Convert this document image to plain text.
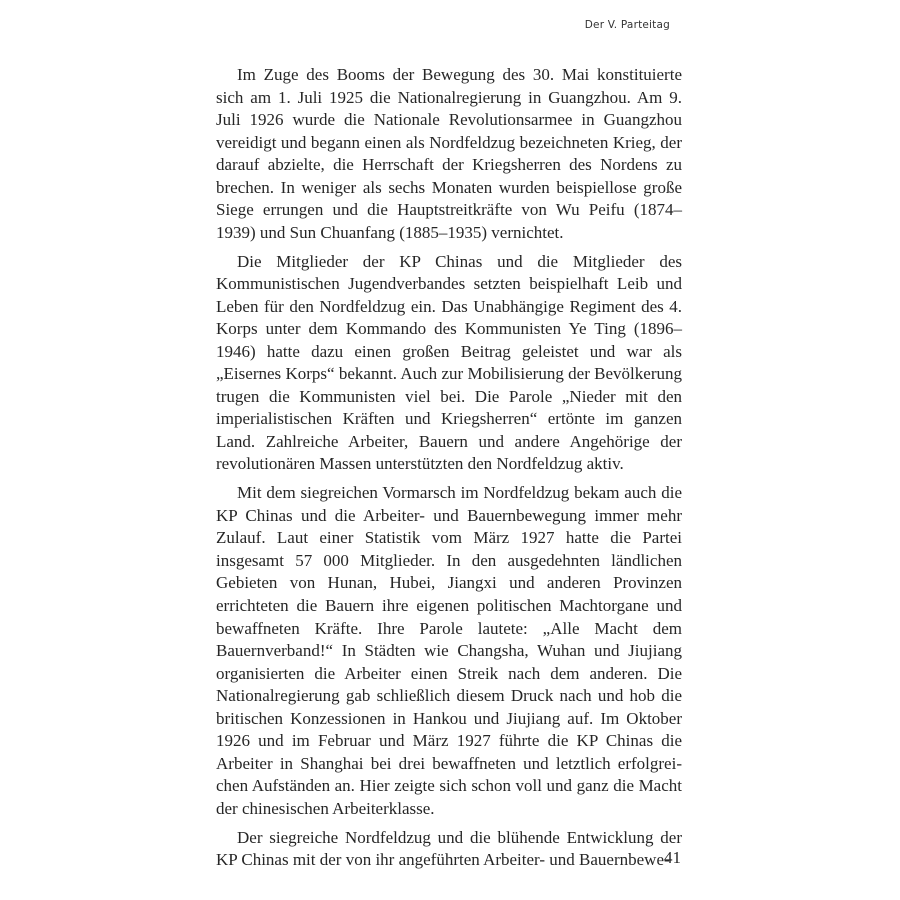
Der V. Parteitag

Im Zuge des Booms der Bewegung des 30. Mai konstituierte sich am 1. Juli 1925 die Nationalregierung in Guangzhou. Am 9. Juli 1926 wurde die Nationale Revolutionsarmee in Guangzhou vereidigt und begann einen als Nordfeldzug bezeichneten Krieg, der darauf abzielte, die Herrschaft der Kriegsherren des Nordens zu brechen. In weniger als sechs Monaten wurden beispiellose große Siege errungen und die Hauptstreitkräfte von Wu Peifu (1874–1939) und Sun Chuanfang (1885–1935) vernichtet.

Die Mitglieder der KP Chinas und die Mitglieder des Kommunistischen Jugendverbandes setzten beispielhaft Leib und Leben für den Nordfeldzug ein. Das Unabhängige Regiment des 4. Korps unter dem Kommando des Kommunisten Ye Ting (1896–1946) hatte dazu einen großen Beitrag geleistet und war als „Eisernes Korps“ bekannt. Auch zur Mobilisierung der Bevölkerung trugen die Kommunisten viel bei. Die Parole „Nieder mit den imperialistischen Kräften und Kriegsherren“ ertönte im ganzen Land. Zahlreiche Arbeiter, Bauern und andere Angehörige der revolutionären Massen unterstützten den Nordfeldzug aktiv.

Mit dem siegreichen Vormarsch im Nordfeldzug bekam auch die KP Chinas und die Arbeiter- und Bauernbewegung immer mehr Zulauf. Laut einer Statistik vom März 1927 hatte die Partei insgesamt 57 000 Mitglieder. In den ausgedehnten ländlichen Gebieten von Hunan, Hubei, Jiangxi und anderen Provinzen errichteten die Bauern ihre eigenen politischen Machtorgane und bewaffneten Kräfte. Ihre Parole lautete: „Alle Macht dem Bauernverband!“ In Städten wie Changsha, Wuhan und Jiujiang organisierten die Arbeiter einen Streik nach dem anderen. Die Nationalregierung gab schließlich diesem Druck nach und hob die britischen Konzessionen in Hankou und Jiujiang auf. Im Oktober 1926 und im Februar und März 1927 führte die KP Chinas die Arbeiter in Shanghai bei drei bewaffneten und letztlich erfolgreichen Aufständen an. Hier zeigte sich schon voll und ganz die Macht der chinesischen Arbeiterklasse.

Der siegreiche Nordfeldzug und die blühende Entwicklung der KP Chinas mit der von ihr angeführten Arbeiter- und Bauernbewe-

41
